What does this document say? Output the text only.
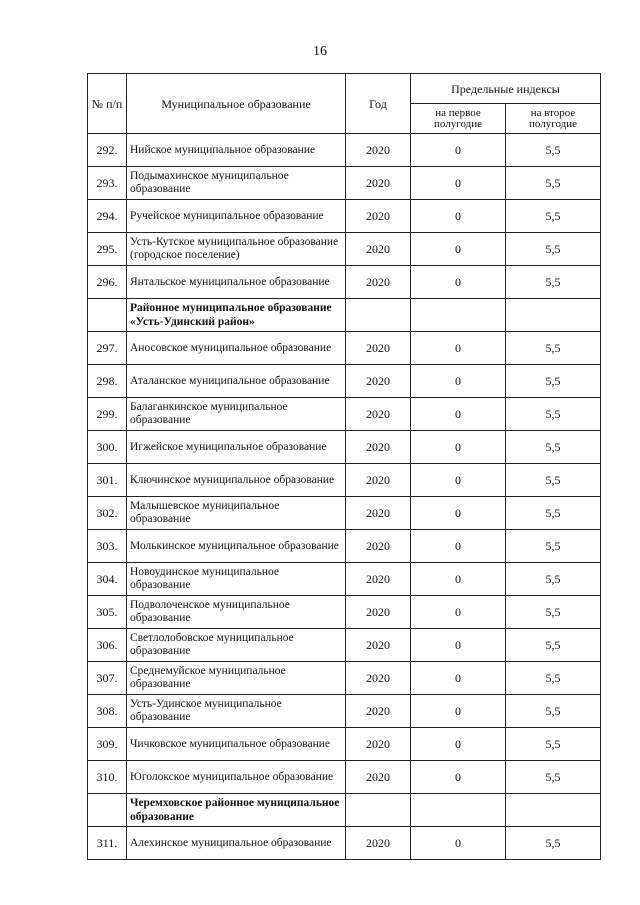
16
№ п/п	Муниципальное образование	Год	Предельные индексы	
			на первое полугодие	на второе полугодие
292.	Нийское муниципальное образование	2020	0	5,5
293.	Подымахинское муниципальное образование	2020	0	5,5
294.	Ручейское муниципальное образование	2020	0	5,5
295.	Усть-Кутское муниципальное образование (городское поселение)	2020	0	5,5
296.	Янтальское муниципальное образование	2020	0	5,5
	Районное муниципальное образование «Усть-Удинский район»			
297.	Аносовское муниципальное образование	2020	0	5,5
298.	Аталанское муниципальное образование	2020	0	5,5
299.	Балаганкинское муниципальное образование	2020	0	5,5
300.	Игжейское муниципальное образование	2020	0	5,5
301.	Ключинское муниципальное образование	2020	0	5,5
302.	Малышевское муниципальное образование	2020	0	5,5
303.	Молькинское муниципальное образование	2020	0	5,5
304.	Новоудинское муниципальное образование	2020	0	5,5
305.	Подволоченское муниципальное образование	2020	0	5,5
306.	Светлолобовское муниципальное образование	2020	0	5,5
307.	Среднемуйское муниципальное образование	2020	0	5,5
308.	Усть-Удинское муниципальное образование	2020	0	5,5
309.	Чичковское муниципальное образование	2020	0	5,5
310.	Юголокское муниципальное образование	2020	0	5,5
	Черемховское районное муниципальное образование			
311.	Алехинское муниципальное образование	2020	0	5,5
